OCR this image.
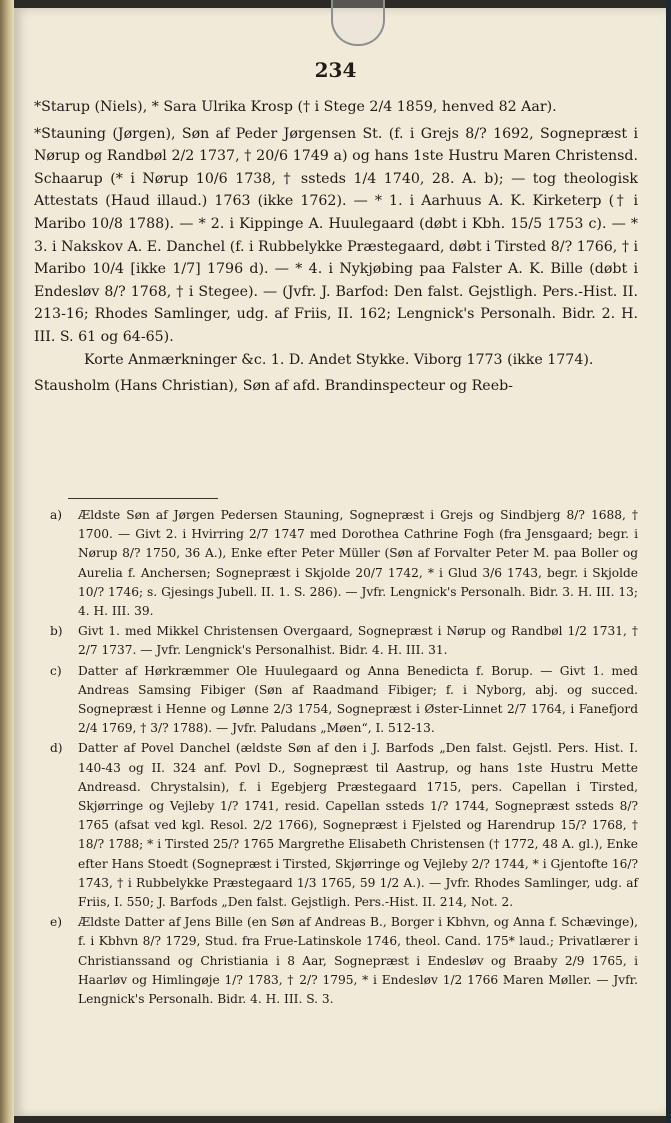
234

*Starup (Niels), * Sara Ulrika Krosp († i Stege 2/4 1859, henved 82 Aar).

*Stauning (Jørgen), Søn af Peder Jørgensen St. (f. i Grejs 8/? 1692, Sognepræst i Nørup og Randbøl 2/2 1737, † 20/6 1749 a) og hans 1ste Hustru Maren Christensd. Schaarup (* i Nørup 10/6 1738, † ssteds 1/4 1740, 28. A. b); — tog theologisk Attestats (Haud illaud.) 1763 (ikke 1762). — * 1. i Aarhuus A. K. Kirketerp († i Maribo 10/8 1788). — * 2. i Kippinge A. Huulegaard (døbt i Kbh. 15/5 1753 c). — * 3. i Nakskov A. E. Danchel (f. i Rubbelykke Præstegaard, døbt i Tirsted 8/? 1766, † i Maribo 10/4 [ikke 1/7] 1796 d). — * 4. i Nykjøbing paa Falster A. K. Bille (døbt i Endesløv 8/? 1768, † i Stegee). — (Jvfr. J. Barfod: Den falst. Gejstligh. Pers.-Hist. II. 213-16; Rhodes Samlinger, udg. af Friis, II. 162; Lengnick's Personalh. Bidr. 2. H. III. S. 61 og 64-65).

Korte Anmærkninger &c. 1. D. Andet Stykke. Viborg 1773 (ikke 1774).

Stausholm (Hans Christian), Søn af afd. Brandinspecteur og Reeb-

a)	Ældste Søn af Jørgen Pedersen Stauning, Sognepræst i Grejs og Sindbjerg 8/? 1688, † 1700. — Givt 2. i Hvirring 2/7 1747 med Dorothea Cathrine Fogh (fra Jensgaard; begr. i Nørup 8/? 1750, 36 A.), Enke efter Peter Müller (Søn af Forvalter Peter M. paa Boller og Aurelia f. Anchersen; Sognepræst i Skjolde 20/7 1742, * i Glud 3/6 1743, begr. i Skjolde 10/? 1746; s. Gjesings Jubell. II. 1. S. 286). — Jvfr. Lengnick's Personalh. Bidr. 3. H. III. 13; 4. H. III. 39.
b)	Givt 1. med Mikkel Christensen Overgaard, Sognepræst i Nørup og Randbøl 1/2 1731, † 2/7 1737. — Jvfr. Lengnick's Personalhist. Bidr. 4. H. III. 31.
c)	Datter af Hørkræmmer Ole Huulegaard og Anna Benedicta f. Borup. — Givt 1. med Andreas Samsing Fibiger (Søn af Raadmand Fibiger; f. i Nyborg, abj. og succed. Sognepræst i Henne og Lønne 2/3 1754, Sognepræst i Øster-Linnet 2/7 1764, i Fanefjord 2/4 1769, † 3/? 1788). — Jvfr. Paludans „Møen“, I. 512-13.
d)	Datter af Povel Danchel (ældste Søn af den i J. Barfods „Den falst. Gejstl. Pers. Hist. I. 140-43 og II. 324 anf. Povl D., Sognepræst til Aastrup, og hans 1ste Hustru Mette Andreasd. Chrystalsin), f. i Egebjerg Præstegaard 1715, pers. Capellan i Tirsted, Skjørringe og Vejleby 1/? 1741, resid. Capellan ssteds 1/? 1744, Sognepræst ssteds 8/? 1765 (afsat ved kgl. Resol. 2/2 1766), Sognepræst i Fjelsted og Harendrup 15/? 1768, † 18/? 1788; * i Tirsted 25/? 1765 Margrethe Elisabeth Christensen († 1772, 48 A. gl.), Enke efter Hans Stoedt (Sognepræst i Tirsted, Skjørringe og Vejleby 2/? 1744, * i Gjentofte 16/? 1743, † i Rubbelykke Præstegaard 1/3 1765, 59 1/2 A.). — Jvfr. Rhodes Samlinger, udg. af Friis, I. 550; J. Barfods „Den falst. Gejstligh. Pers.-Hist. II. 214, Not. 2.
e)	Ældste Datter af Jens Bille (en Søn af Andreas B., Borger i Kbhvn, og Anna f. Schævinge), f. i Kbhvn 8/? 1729, Stud. fra Frue-Latinskole 1746, theol. Cand. 175* laud.; Privatlærer i Christianssand og Christiania i 8 Aar, Sognepræst i Endesløv og Braaby 2/9 1765, i Haarløv og Himlingøje 1/? 1783, † 2/? 1795, * i Endesløv 1/2 1766 Maren Møller. — Jvfr. Lengnick's Personalh. Bidr. 4. H. III. S. 3.
